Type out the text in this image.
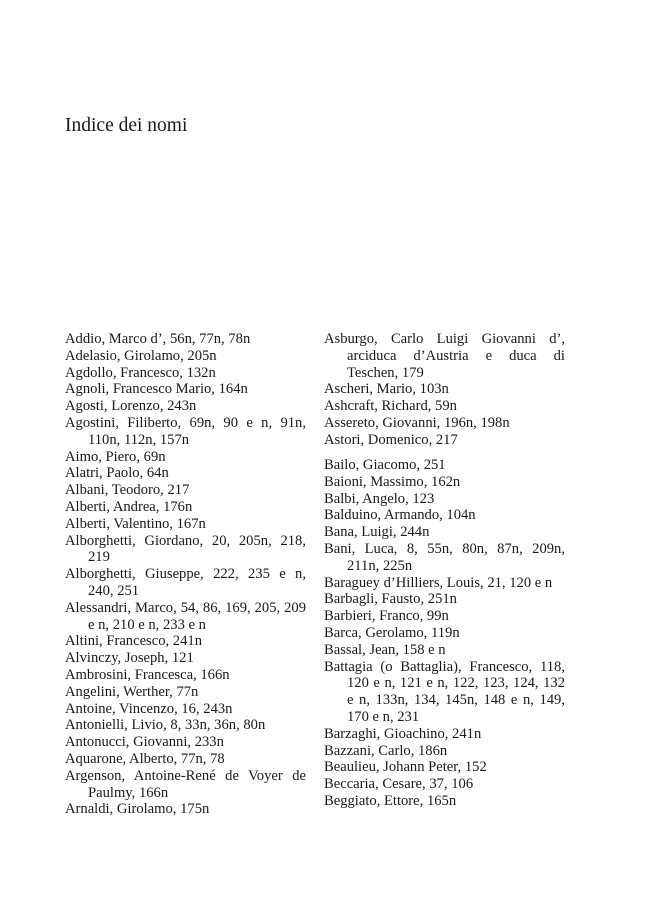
Indice dei nomi
Addio, Marco d’, 56n, 77n, 78n
Adelasio, Girolamo, 205n
Agdollo, Francesco, 132n
Agnoli, Francesco Mario, 164n
Agosti, Lorenzo, 243n
Agostini, Filiberto, 69n, 90 e n, 91n, 110n, 112n, 157n
Aimo, Piero, 69n
Alatri, Paolo, 64n
Albani, Teodoro, 217
Alberti, Andrea, 176n
Alberti, Valentino, 167n
Alborghetti, Giordano, 20, 205n, 218, 219
Alborghetti, Giuseppe, 222, 235 e n, 240, 251
Alessandri, Marco, 54, 86, 169, 205, 209 e n, 210 e n, 233 e n
Altini, Francesco, 241n
Alvinczy, Joseph, 121
Ambrosini, Francesca, 166n
Angelini, Werther, 77n
Antoine, Vincenzo, 16, 243n
Antonielli, Livio, 8, 33n, 36n, 80n
Antonucci, Giovanni, 233n
Aquarone, Alberto, 77n, 78
Argenson, Antoine-René de Voyer de Paulmy, 166n
Arnaldi, Girolamo, 175n
Asburgo, Carlo Luigi Giovanni d’, arciduca d’Austria e duca di Teschen, 179
Ascheri, Mario, 103n
Ashcraft, Richard, 59n
Assereto, Giovanni, 196n, 198n
Astori, Domenico, 217
Bailo, Giacomo, 251
Baioni, Massimo, 162n
Balbi, Angelo, 123
Balduino, Armando, 104n
Bana, Luigi, 244n
Bani, Luca, 8, 55n, 80n, 87n, 209n, 211n, 225n
Baraguey d’Hilliers, Louis, 21, 120 e n
Barbagli, Fausto, 251n
Barbieri, Franco, 99n
Barca, Gerolamo, 119n
Bassal, Jean, 158 e n
Battagia (o Battaglia), Francesco, 118, 120 e n, 121 e n, 122, 123, 124, 132 e n, 133n, 134, 145n, 148 e n, 149, 170 e n, 231
Barzaghi, Gioachino, 241n
Bazzani, Carlo, 186n
Beaulieu, Johann Peter, 152
Beccaria, Cesare, 37, 106
Beggiato, Ettore, 165n
